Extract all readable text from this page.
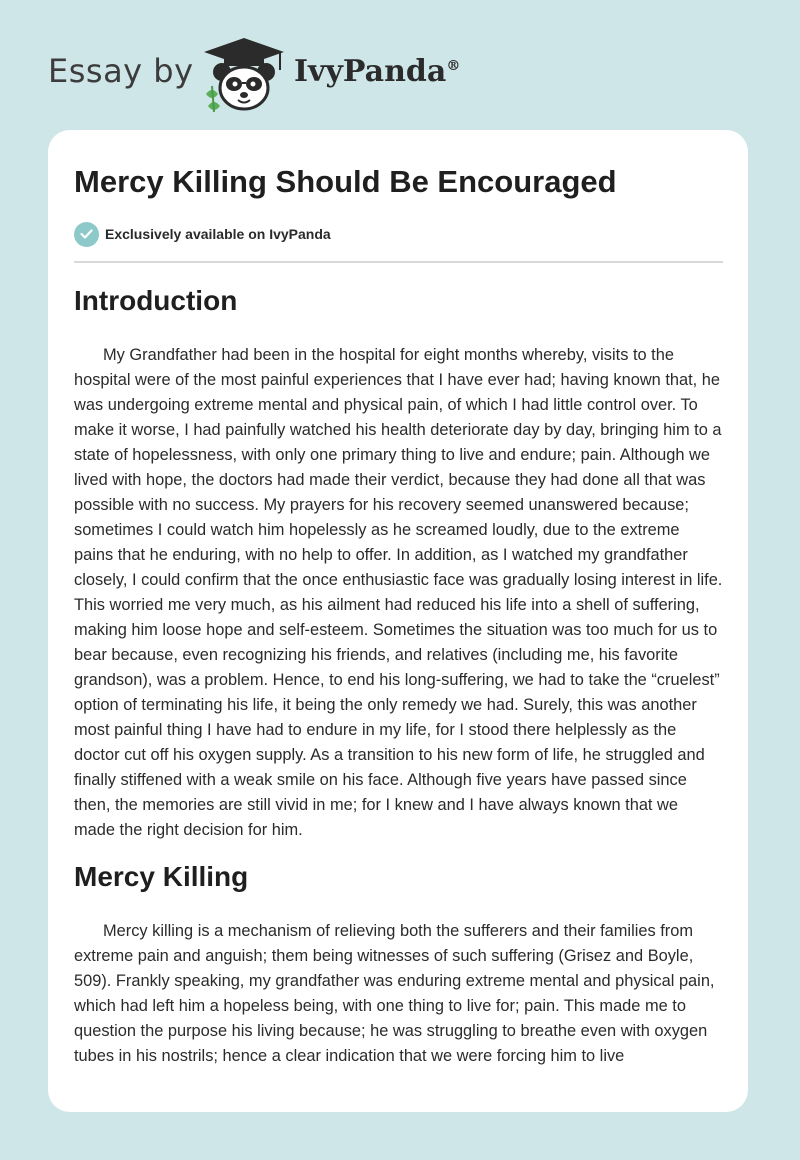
Essay by	IvyPanda®
Mercy Killing Should Be Encouraged
Exclusively available on IvyPanda
Introduction

My Grandfather had been in the hospital for eight months whereby, visits to the hospital were of the most painful experiences that I have ever had; having known that, he was undergoing extreme mental and physical pain, of which I had little control over. To make it worse, I had painfully watched his health deteriorate day by day, bringing him to a state of hopelessness, with only one primary thing to live and endure; pain. Although we lived with hope, the doctors had made their verdict, because they had done all that was possible with no success. My prayers for his recovery seemed unanswered because; sometimes I could watch him hopelessly as he screamed loudly, due to the extreme pains that he enduring, with no help to offer. In addition, as I watched my grandfather closely, I could confirm that the once enthusiastic face was gradually losing interest in life. This worried me very much, as his ailment had reduced his life into a shell of suffering, making him loose hope and self-esteem. Sometimes the situation was too much for us to bear because, even recognizing his friends, and relatives (including me, his favorite grandson), was a problem. Hence, to end his long-suffering, we had to take the “cruelest” option of terminating his life, it being the only remedy we had. Surely, this was another most painful thing I have had to endure in my life, for I stood there helplessly as the doctor cut off his oxygen supply. As a transition to his new form of life, he struggled and finally stiffened with a weak smile on his face. Although five years have passed since then, the memories are still vivid in me; for I knew and I have always known that we made the right decision for him.

Mercy Killing

Mercy killing is a mechanism of relieving both the sufferers and their families from extreme pain and anguish; them being witnesses of such suffering (Grisez and Boyle, 509). Frankly speaking, my grandfather was enduring extreme mental and physical pain, which had left him a hopeless being, with one thing to live for; pain. This made me to question the purpose his living because; he was struggling to breathe even with oxygen tubes in his nostrils; hence a clear indication that we were forcing him to live
